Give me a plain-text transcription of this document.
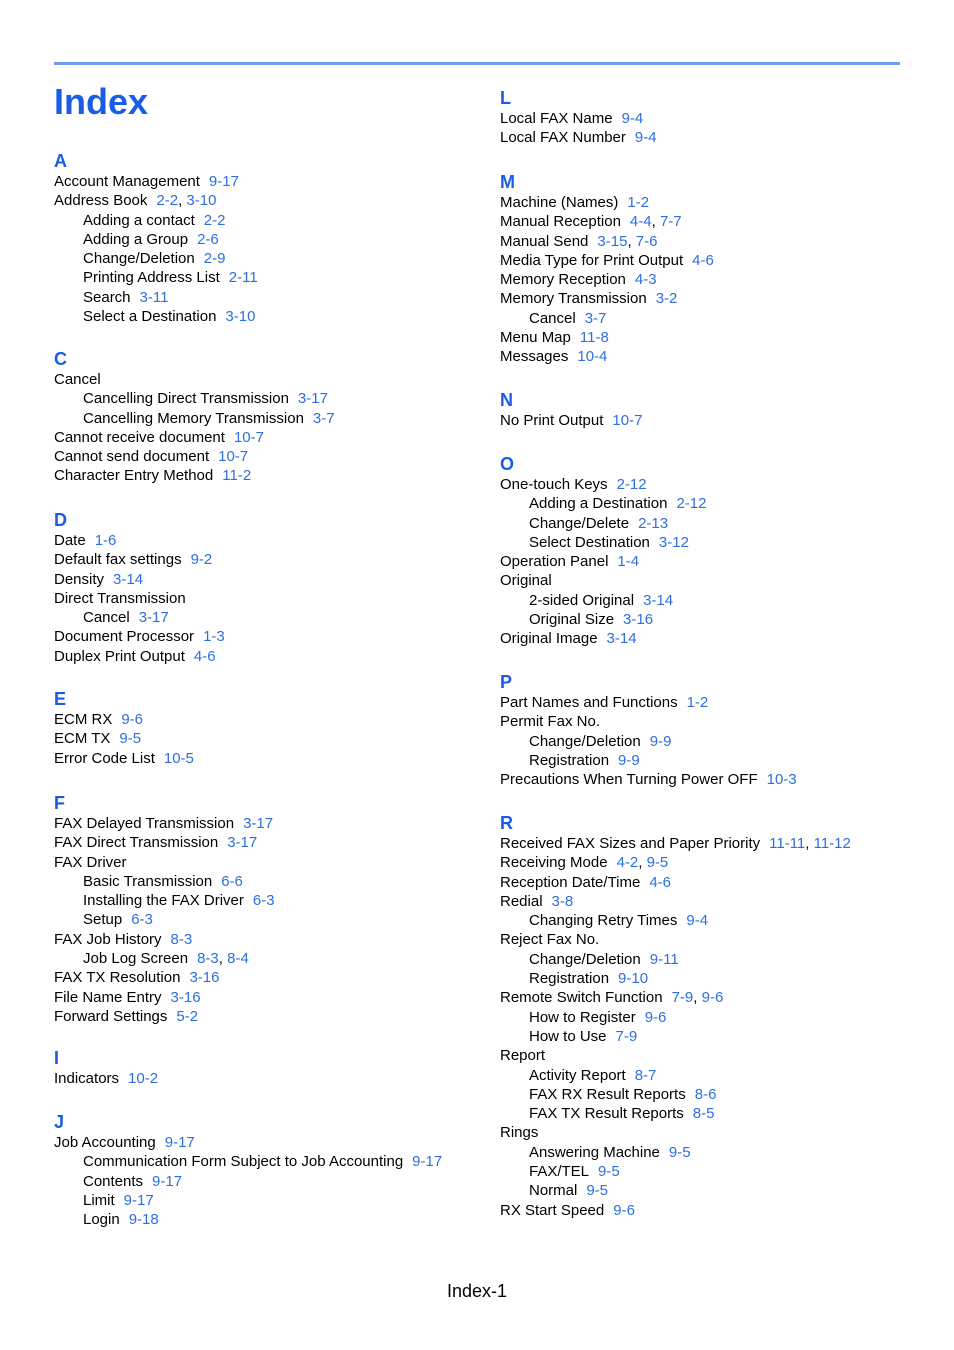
Index
A
Account Management 9-17
Address Book 2-2, 3-10
Adding a contact 2-2
Adding a Group 2-6
Change/Deletion 2-9
Printing Address List 2-11
Search 3-11
Select a Destination 3-10
C
Cancel
Cancelling Direct Transmission 3-17
Cancelling Memory Transmission 3-7
Cannot receive document 10-7
Cannot send document 10-7
Character Entry Method 11-2
D
Date 1-6
Default fax settings 9-2
Density 3-14
Direct Transmission
Cancel 3-17
Document Processor 1-3
Duplex Print Output 4-6
E
ECM RX 9-6
ECM TX 9-5
Error Code List 10-5
F
FAX Delayed Transmission 3-17
FAX Direct Transmission 3-17
FAX Driver
Basic Transmission 6-6
Installing the FAX Driver 6-3
Setup 6-3
FAX Job History 8-3
Job Log Screen 8-3, 8-4
FAX TX Resolution 3-16
File Name Entry 3-16
Forward Settings 5-2
I
Indicators 10-2
J
Job Accounting 9-17
Communication Form Subject to Job Accounting 9-17
Contents 9-17
Limit 9-17
Login 9-18
L
Local FAX Name 9-4
Local FAX Number 9-4
M
Machine (Names) 1-2
Manual Reception 4-4, 7-7
Manual Send 3-15, 7-6
Media Type for Print Output 4-6
Memory Reception 4-3
Memory Transmission 3-2
Cancel 3-7
Menu Map 11-8
Messages 10-4
N
No Print Output 10-7
O
One-touch Keys 2-12
Adding a Destination 2-12
Change/Delete 2-13
Select Destination 3-12
Operation Panel 1-4
Original
2-sided Original 3-14
Original Size 3-16
Original Image 3-14
P
Part Names and Functions 1-2
Permit Fax No.
Change/Deletion 9-9
Registration 9-9
Precautions When Turning Power OFF 10-3
R
Received FAX Sizes and Paper Priority 11-11, 11-12
Receiving Mode 4-2, 9-5
Reception Date/Time 4-6
Redial 3-8
Changing Retry Times 9-4
Reject Fax No.
Change/Deletion 9-11
Registration 9-10
Remote Switch Function 7-9, 9-6
How to Register 9-6
How to Use 7-9
Report
Activity Report 8-7
FAX RX Result Reports 8-6
FAX TX Result Reports 8-5
Rings
Answering Machine 9-5
FAX/TEL 9-5
Normal 9-5
RX Start Speed 9-6
Index-1
